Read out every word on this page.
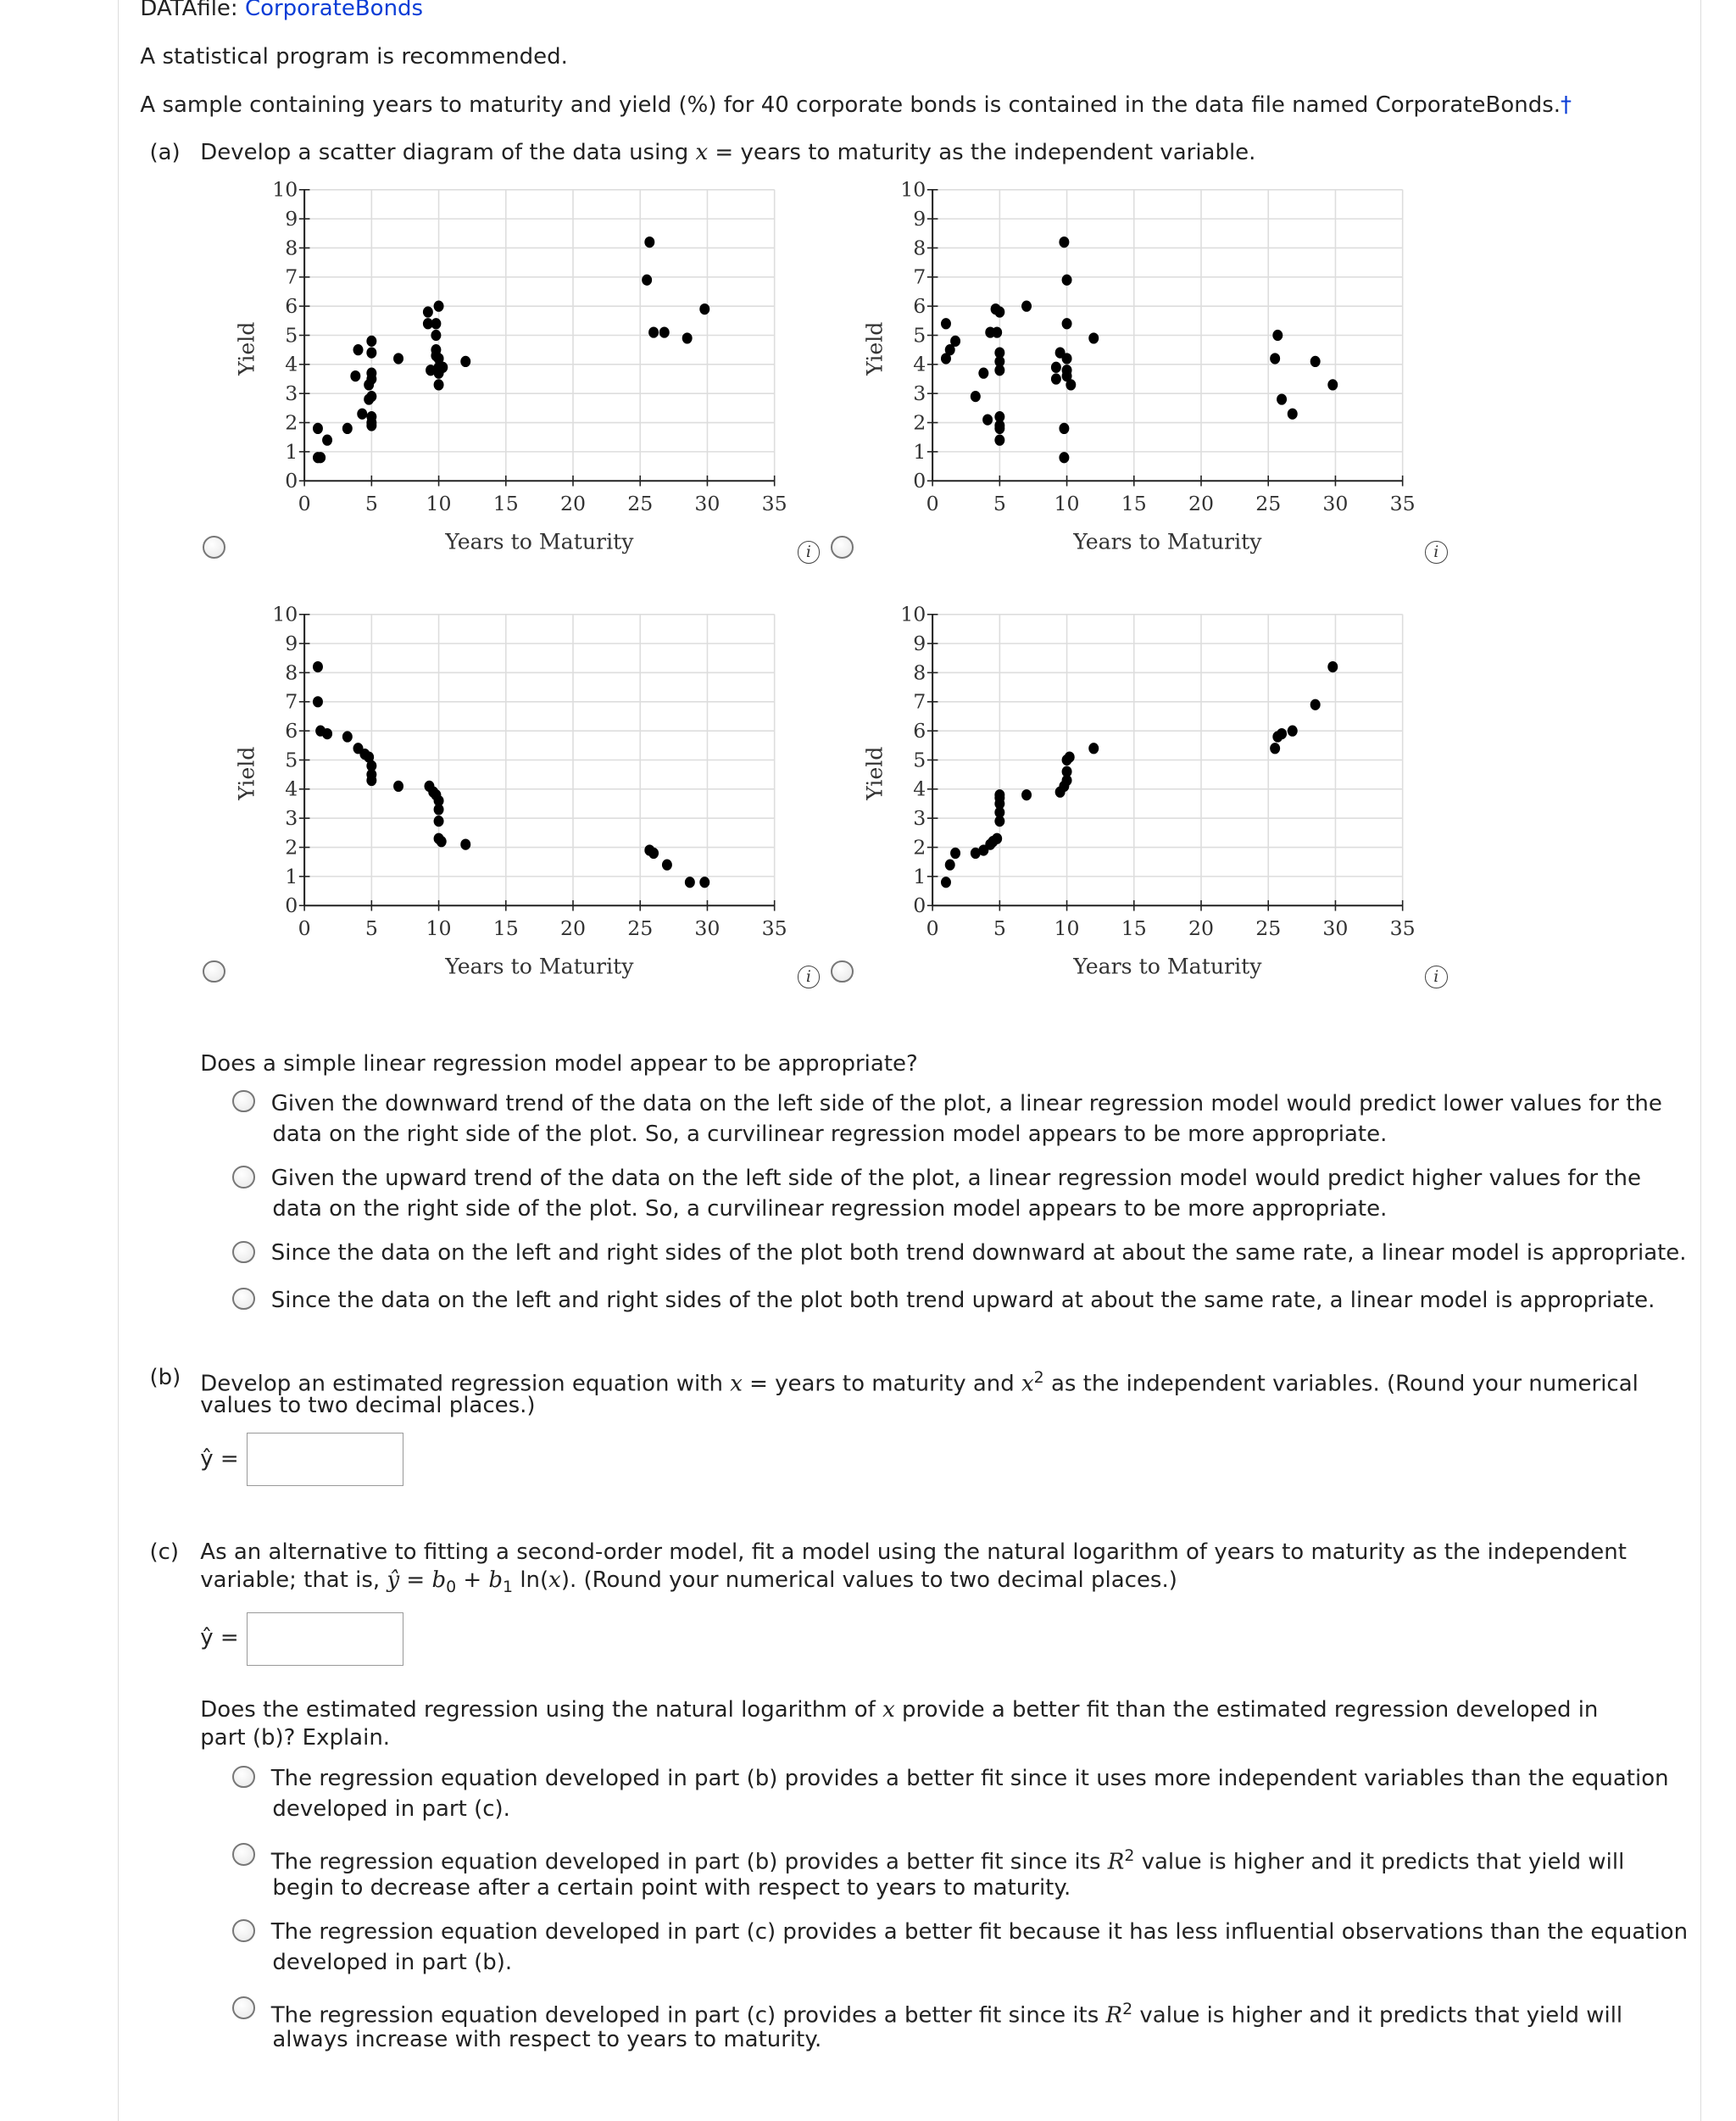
DATAfile: CorporateBonds
A statistical program is recommended.
A sample containing years to maturity and yield (%) for 40 corporate bonds is contained in the data file named CorporateBonds.†
(a) Develop a scatter diagram of the data using x = years to maturity as the independent variable.
0	5	10	15	20	25	30	35
0
1
2
3
4
5
6
7
8
9
10
Years to Maturity
Yield
0	5	10	15	20	25	30	35
0
1
2
3
4
5
6
7
8
9
10
Years to Maturity
Yield
0	5	10	15	20	25	30	35
0
1
2
3
4
5
6
7
8
9
10
Years to Maturity
Yield
0	5	10	15	20	25	30	35
0
1
2
3
4
5
6
7
8
9
10
Years to Maturity
Yield
i	i
i	i
Does a simple linear regression model appear to be appropriate?
Given the downward trend of the data on the left side of the plot, a linear regression model would predict lower values for the
data on the right side of the plot. So, a curvilinear regression model appears to be more appropriate.
Given the upward trend of the data on the left side of the plot, a linear regression model would predict higher values for the
data on the right side of the plot. So, a curvilinear regression model appears to be more appropriate.
Since the data on the left and right sides of the plot both trend downward at about the same rate, a linear model is appropriate.
Since the data on the left and right sides of the plot both trend upward at about the same rate, a linear model is appropriate.
(b) Develop an estimated regression equation with x = years to maturity and $x^2$ as the independent variables. (Round your numerical
values to two decimal places.)
ŷ =
(c) As an alternative to fitting a second-order model, fit a model using the natural logarithm of years to maturity as the independent
variable; that is, ŷ = $b_0 + b_1$ ln(x). (Round your numerical values to two decimal places.)
ŷ =
Does the estimated regression using the natural logarithm of x provide a better fit than the estimated regression developed in
part (b)? Explain.
The regression equation developed in part (b) provides a better fit since it uses more independent variables than the equation
developed in part (c).
The regression equation developed in part (b) provides a better fit since its $R^2$ value is higher and it predicts that yield will
begin to decrease after a certain point with respect to years to maturity.
The regression equation developed in part (c) provides a better fit because it has less influential observations than the equation
developed in part (b).
The regression equation developed in part (c) provides a better fit since its $R^2$ value is higher and it predicts that yield will
always increase with respect to years to maturity.
